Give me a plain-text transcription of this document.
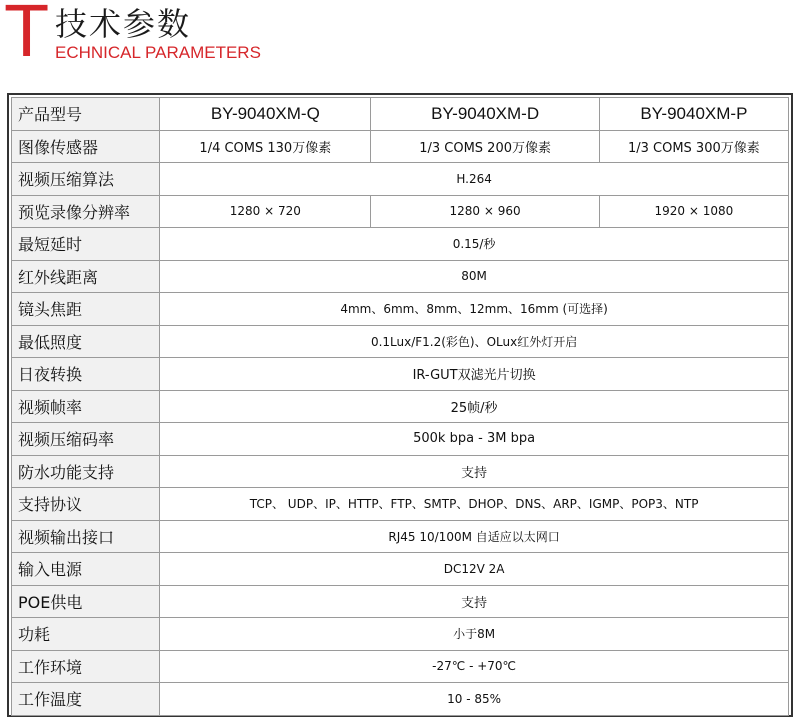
T 技术参数
ECHNICAL PARAMETERS
产品型号	BY-9040XM-Q	BY-9040XM-D	BY-9040XM-P
图像传感器	1/4 COMS 130万像素	1/3 COMS 200万像素	1/3 COMS 300万像素
视频压缩算法	H.264		
预览录像分辨率	1280 × 720	1280 × 960	1920 × 1080
最短延时	0.15/秒		
红外线距离	80M		
镜头焦距	4mm、6mm、8mm、12mm、16mm (可选择)		
最低照度	0.1Lux/F1.2(彩色)、OLux红外灯开启		
日夜转换	IR-GUT双滤光片切换		
视频帧率	25帧/秒		
视频压缩码率	500k bpa - 3M bpa		
防水功能支持	支持		
支持协议	TCP、 UDP、IP、HTTP、FTP、SMTP、DHOP、DNS、ARP、IGMP、POP3、NTP		
视频输出接口	RJ45 10/100M 自适应以太网口		
输入电源	DC12V 2A		
POE供电	支持		
功耗	小于8M		
工作环境	-27℃ - +70℃		
工作温度	10 - 85%		
